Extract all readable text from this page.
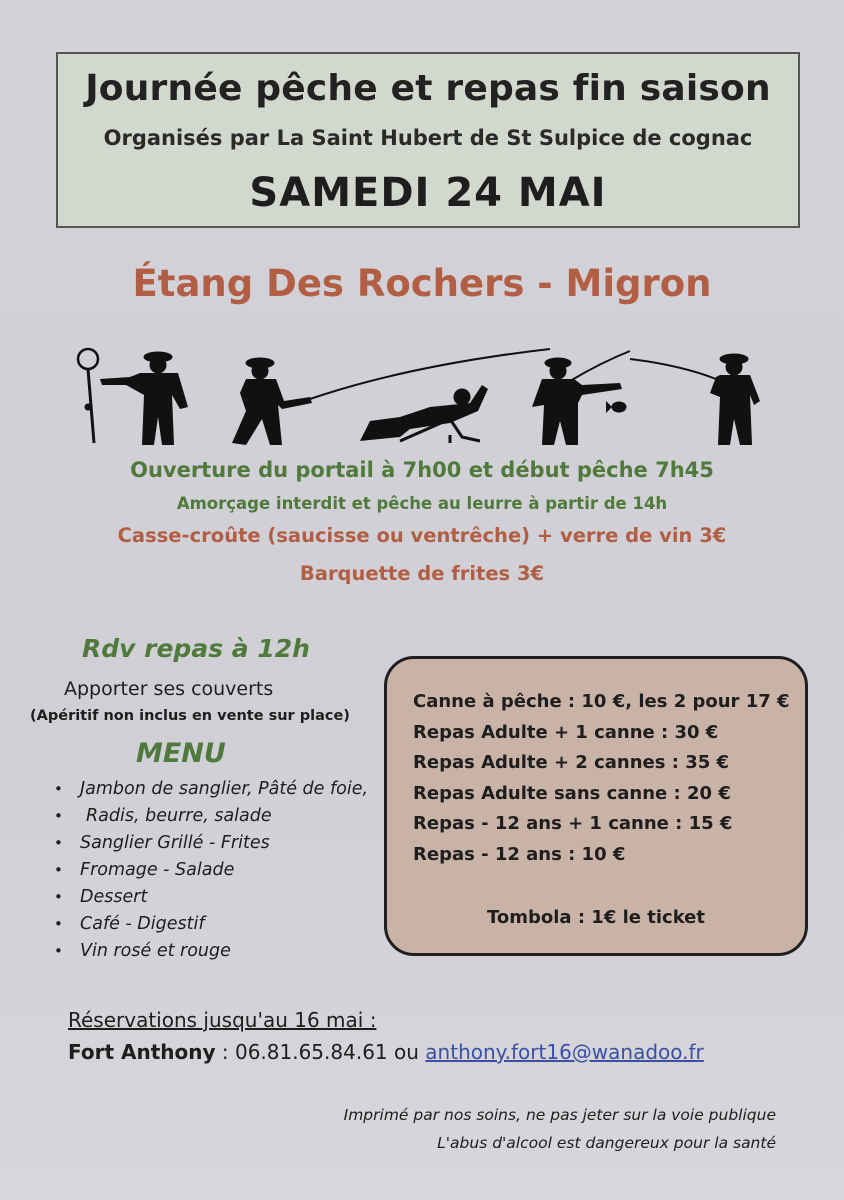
Journée pêche et repas fin saison
Organisés par La Saint Hubert de St Sulpice de cognac
SAMEDI 24 MAI
Étang Des Rochers - Migron
Ouverture du portail à 7h00 et début pêche 7h45
Amorçage interdit et pêche au leurre à partir de 14h
Casse-croûte (saucisse ou ventrêche) + verre de vin 3€
Barquette de frites 3€
Rdv repas à 12h
Apporter ses couverts
(Apéritif non inclus en vente sur place)
MENU
• Jambon de sanglier, Pâté de foie,
• Radis, beurre, salade
• Sanglier Grillé - Frites
• Fromage - Salade
• Dessert
• Café - Digestif
• Vin rosé et rouge
Canne à pêche : 10 €, les 2 pour 17 €
Repas Adulte + 1 canne : 30 €
Repas Adulte + 2 cannes : 35 €
Repas Adulte sans canne : 20 €
Repas - 12 ans + 1 canne : 15 €
Repas - 12 ans : 10 €
Tombola : 1€ le ticket
Réservations jusqu'au 16 mai :
Fort Anthony : 06.81.65.84.61 ou anthony.fort16@wanadoo.fr
Imprimé par nos soins, ne pas jeter sur la voie publique
L'abus d'alcool est dangereux pour la santé
